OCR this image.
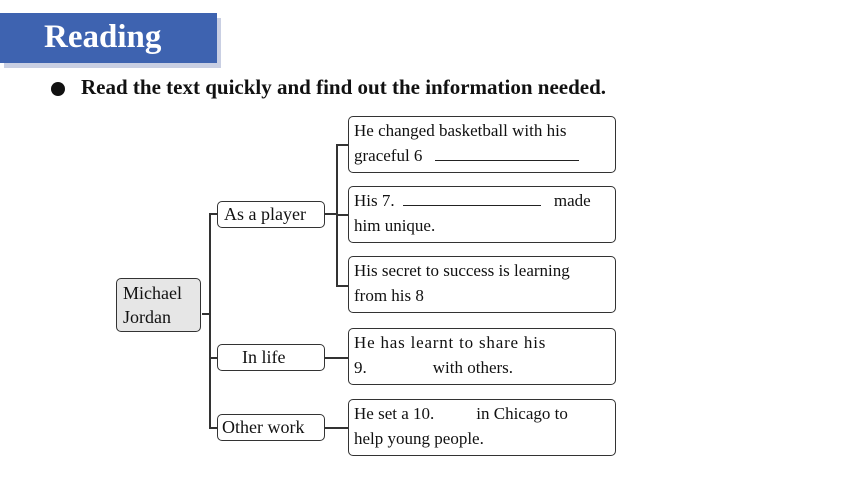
Reading
Read the text quickly and find out the information needed.
Michael
Jordan
As a player
In life
Other work
He changed basketball with his
graceful 6
His 7.	made
him unique.
His secret to success is learning
from his 8
He has learnt to share his
9.	with others.
He set a 10. in Chicago to
help young people.
